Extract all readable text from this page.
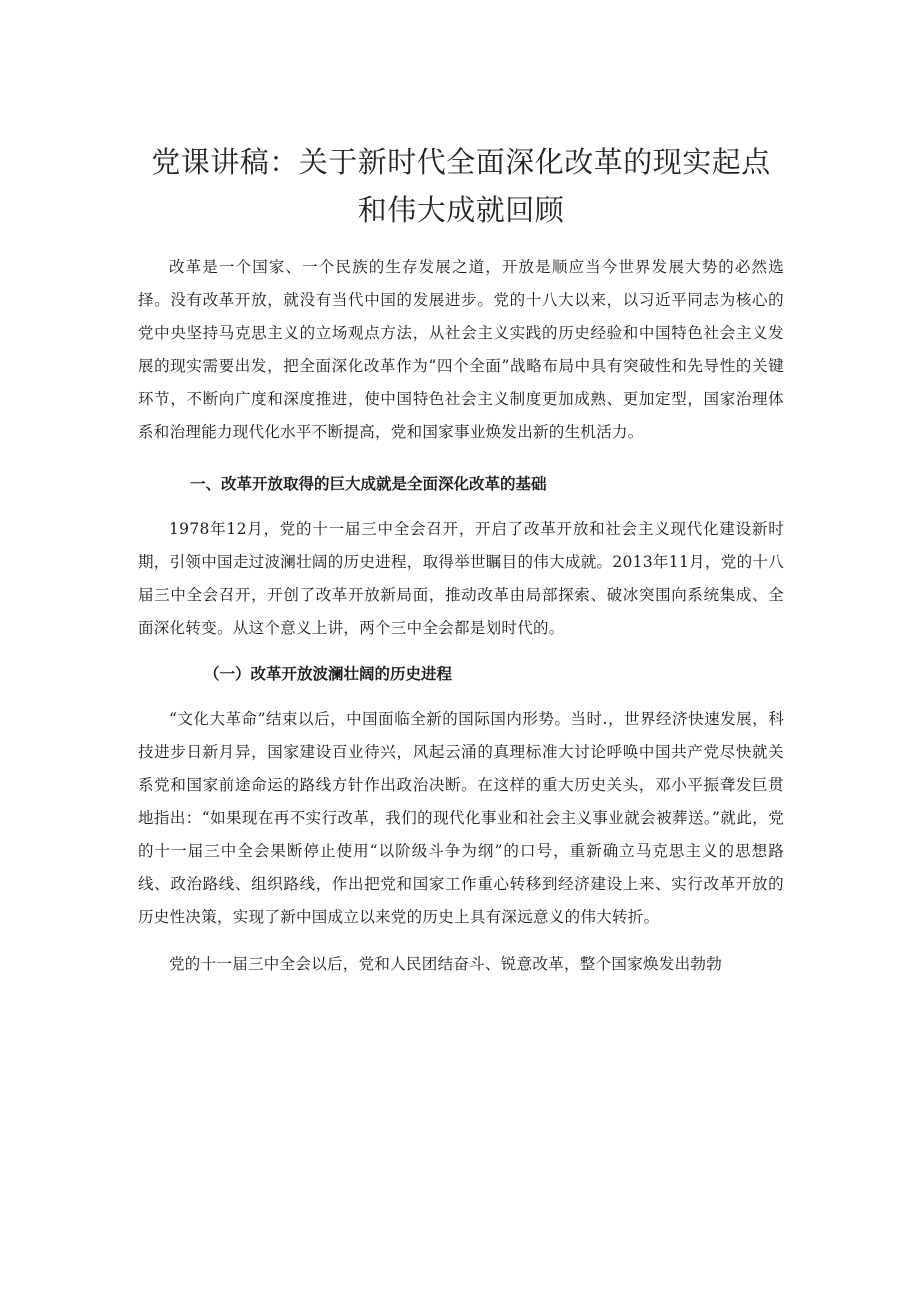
党课讲稿：关于新时代全面深化改革的现实起点和伟大成就回顾

改革是一个国家、一个民族的生存发展之道，开放是顺应当今世界发展大势的必然选择。没有改革开放，就没有当代中国的发展进步。党的十八大以来，以习近平同志为核心的党中央坚持马克思主义的立场观点方法，从社会主义实践的历史经验和中国特色社会主义发展的现实需要出发，把全面深化改革作为“四个全面”战略布局中具有突破性和先导性的关键环节，不断向广度和深度推进，使中国特色社会主义制度更加成熟、更加定型，国家治理体系和治理能力现代化水平不断提高，党和国家事业焕发出新的生机活力。

一、改革开放取得的巨大成就是全面深化改革的基础

1978年12月，党的十一届三中全会召开，开启了改革开放和社会主义现代化建设新时期，引领中国走过波澜壮阔的历史进程，取得举世瞩目的伟大成就。2013年11月，党的十八届三中全会召开，开创了改革开放新局面，推动改革由局部探索、破冰突围向系统集成、全面深化转变。从这个意义上讲，两个三中全会都是划时代的。

（一）改革开放波澜壮阔的历史进程

“文化大革命”结束以后，中国面临全新的国际国内形势。当时.，世界经济快速发展，科技进步日新月异，国家建设百业待兴，风起云涌的真理标准大讨论呼唤中国共产党尽快就关系党和国家前途命运的路线方针作出政治决断。在这样的重大历史关头，邓小平振聋发巨贯地指出：“如果现在再不实行改革，我们的现代化事业和社会主义事业就会被葬送。”就此，党的十一届三中全会果断停止使用“以阶级斗争为纲”的口号，重新确立马克思主义的思想路线、政治路线、组织路线，作出把党和国家工作重心转移到经济建设上来、实行改革开放的历史性决策，实现了新中国成立以来党的历史上具有深远意义的伟大转折。

党的十一届三中全会以后，党和人民团结奋斗、锐意改革，整个国家焕发出勃勃
